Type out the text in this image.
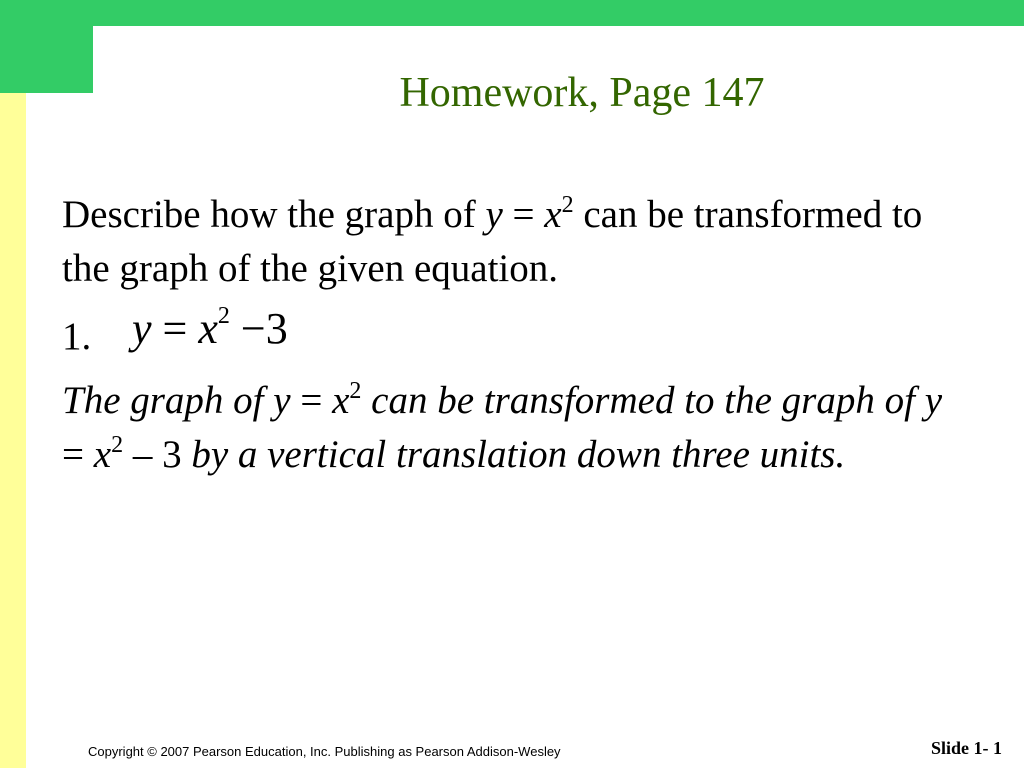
Homework, Page 147
Describe how the graph of $y = x^2$ can be transformed to the graph of the given equation.
1. $y = x^2 -3$
The graph of $y = x^2$ can be transformed to the graph of $y = x^2 - 3$ by a vertical translation down three units.
Copyright © 2007 Pearson Education, Inc. Publishing as Pearson Addison-Wesley	Slide 1- 1
